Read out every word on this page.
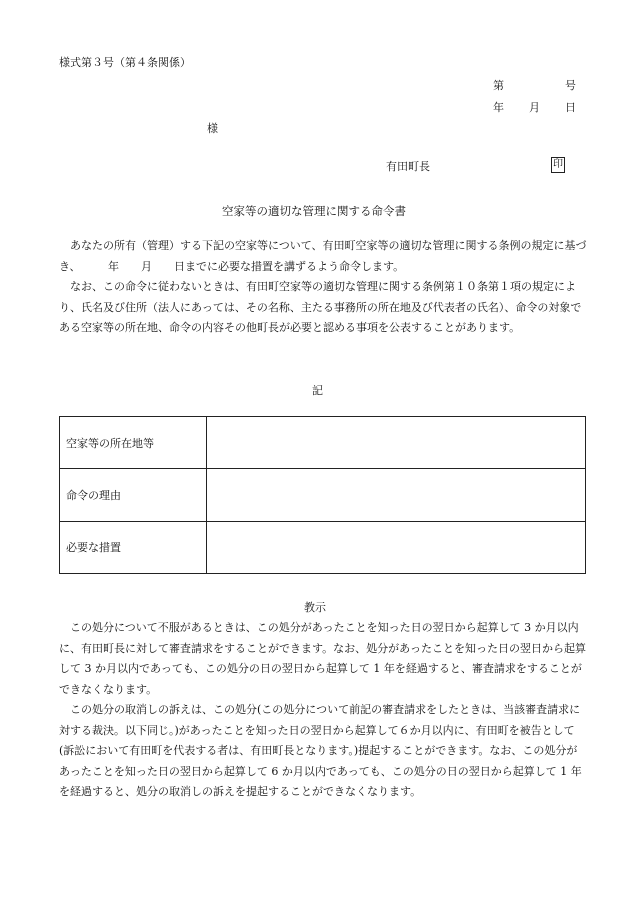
様式第３号（第４条関係）
第	号
年 月 日
様
有田町長	印
空家等の適切な管理に関する命令書

あなたの所有（管理）する下記の空家等について、有田町空家等の適切な管理に関する条例の規定に基づき、　　　年　　月　　日までに必要な措置を講ずるよう命令します。

なお、この命令に従わないときは、有田町空家等の適切な管理に関する条例第１０条第１項の規定により、氏名及び住所（法人にあっては、その名称、主たる事務所の所在地及び代表者の氏名）、命令の対象である空家等の所在地、命令の内容その他町長が必要と認める事項を公表することがあります。

記
空家等の所在地等	
命令の理由	
必要な措置	
教示

この処分について不服があるときは、この処分があったことを知った日の翌日から起算して 3 か月以内に、有田町長に対して審査請求をすることができます。なお、処分があったことを知った日の翌日から起算して 3 か月以内であっても、この処分の日の翌日から起算して 1 年を経過すると、審査請求をすることができなくなります。

この処分の取消しの訴えは、この処分(この処分について前記の審査請求をしたときは、当該審査請求に対する裁決。以下同じ。)があったことを知った日の翌日から起算して６か月以内に、有田町を被告として(訴訟において有田町を代表する者は、有田町長となります。)提起することができます。なお、この処分があったことを知った日の翌日から起算して 6 か月以内であっても、この処分の日の翌日から起算して 1 年を経過すると、処分の取消しの訴えを提起することができなくなります。
